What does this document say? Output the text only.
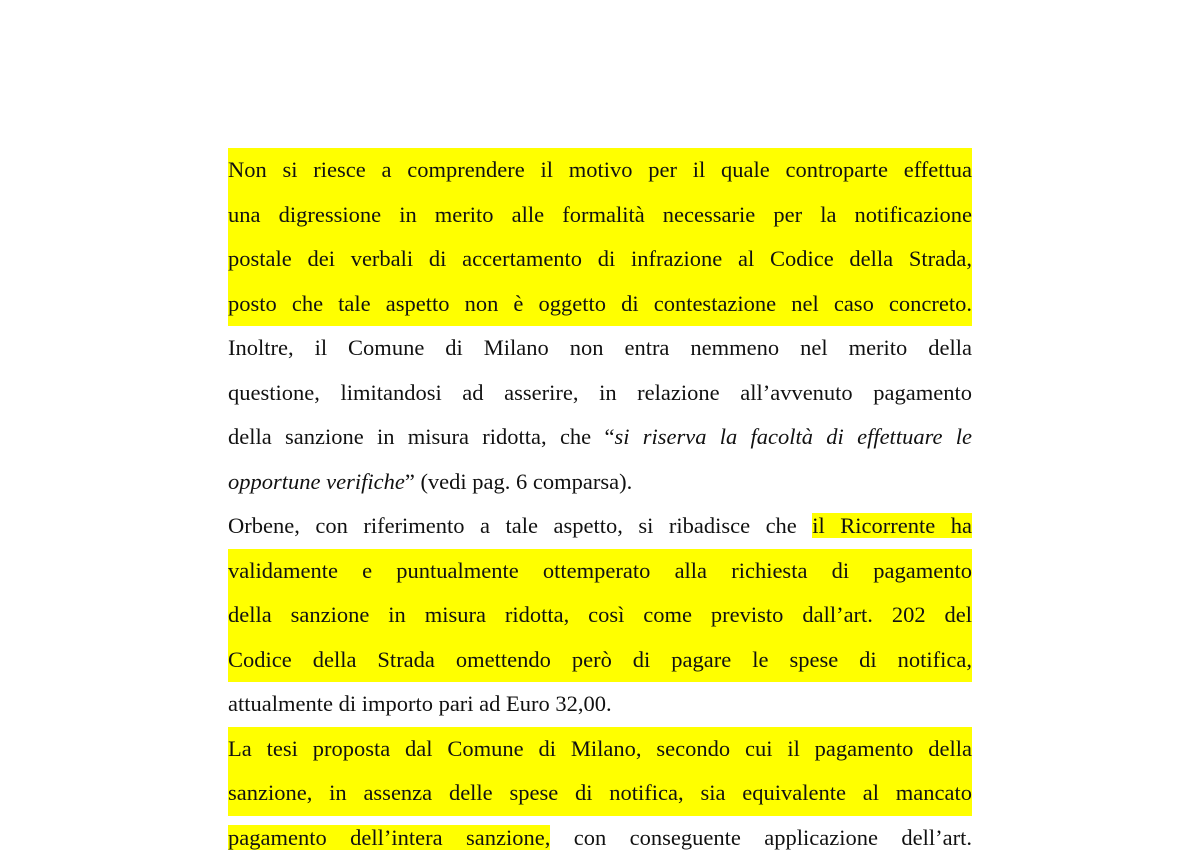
Non si riesce a comprendere il motivo per il quale controparte effettua
una digressione in merito alle formalità necessarie per la notificazione
postale dei verbali di accertamento di infrazione al Codice della Strada,
posto che tale aspetto non è oggetto di contestazione nel caso concreto.
Inoltre, il Comune di Milano non entra nemmeno nel merito della
questione, limitandosi ad asserire, in relazione all’avvenuto pagamento
della sanzione in misura ridotta, che “si riserva la facoltà di effettuare le
opportune verifiche” (vedi pag. 6 comparsa).
Orbene, con riferimento a tale aspetto, si ribadisce che il Ricorrente ha
validamente e puntualmente ottemperato alla richiesta di pagamento
della sanzione in misura ridotta, così come previsto dall’art. 202 del
Codice della Strada omettendo però di pagare le spese di notifica,
attualmente di importo pari ad Euro 32,00.
La tesi proposta dal Comune di Milano, secondo cui il pagamento della
sanzione, in assenza delle spese di notifica, sia equivalente al mancato
pagamento dell’intera sanzione, con conseguente applicazione dell’art.
